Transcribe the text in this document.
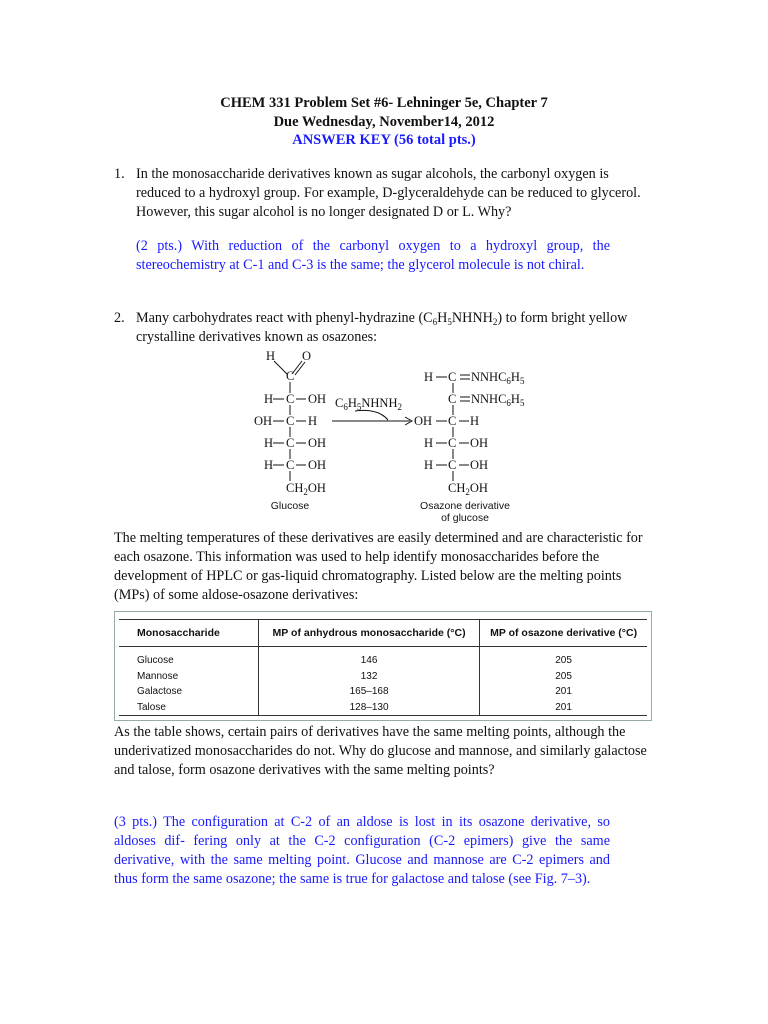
CHEM 331 Problem Set #6- Lehninger 5e, Chapter 7
Due Wednesday, November14, 2012
ANSWER KEY (56 total pts.)
1. In the monosaccharide derivatives known as sugar alcohols, the carbonyl oxygen is reduced to a hydroxyl group. For example, D-glyceraldehyde can be reduced to glycerol. However, this sugar alcohol is no longer designated D or L. Why?
(2 pts.) With reduction of the carbonyl oxygen to a hydroxyl group, the stereochemistry at C-1 and C-3 is the same; the glycerol molecule is not chiral.
2. Many carbohydrates react with phenyl-hydrazine $(C_6H_5NHNH_2)$ to form bright yellow crystalline derivatives known as osazones:
H O
C
H C OH
OH C H
H C OH
H C OH
$CH_2OH$
$C_6H_5NHNH_2$
H C $NNHC_6H_5$
C $NNHC_6H_5$
OH C H
H C OH
H C OH
$CH_2OH$
Glucose	Osazone derivative
of glucose
The melting temperatures of these derivatives are easily determined and are characteristic for each osazone. This information was used to help identify monosaccharides before the development of HPLC or gas-liquid chromatography. Listed below are the melting points (MPs) of some aldose-osazone derivatives:
Monosaccharide	MP of anhydrous monosaccharide (°C)	MP of osazone derivative (°C)
Glucose	146	205
Mannose	132	205
Galactose	165–168	201
Talose	128–130	201
As the table shows, certain pairs of derivatives have the same melting points, although the underivatized monosaccharides do not. Why do glucose and mannose, and similarly galactose and talose, form osazone derivatives with the same melting points?
(3 pts.) The configuration at C-2 of an aldose is lost in its osazone derivative, so aldoses dif- fering only at the C-2 configuration (C-2 epimers) give the same derivative, with the same melting point. Glucose and mannose are C-2 epimers and thus form the same osazone; the same is true for galactose and talose (see Fig. 7–3).
